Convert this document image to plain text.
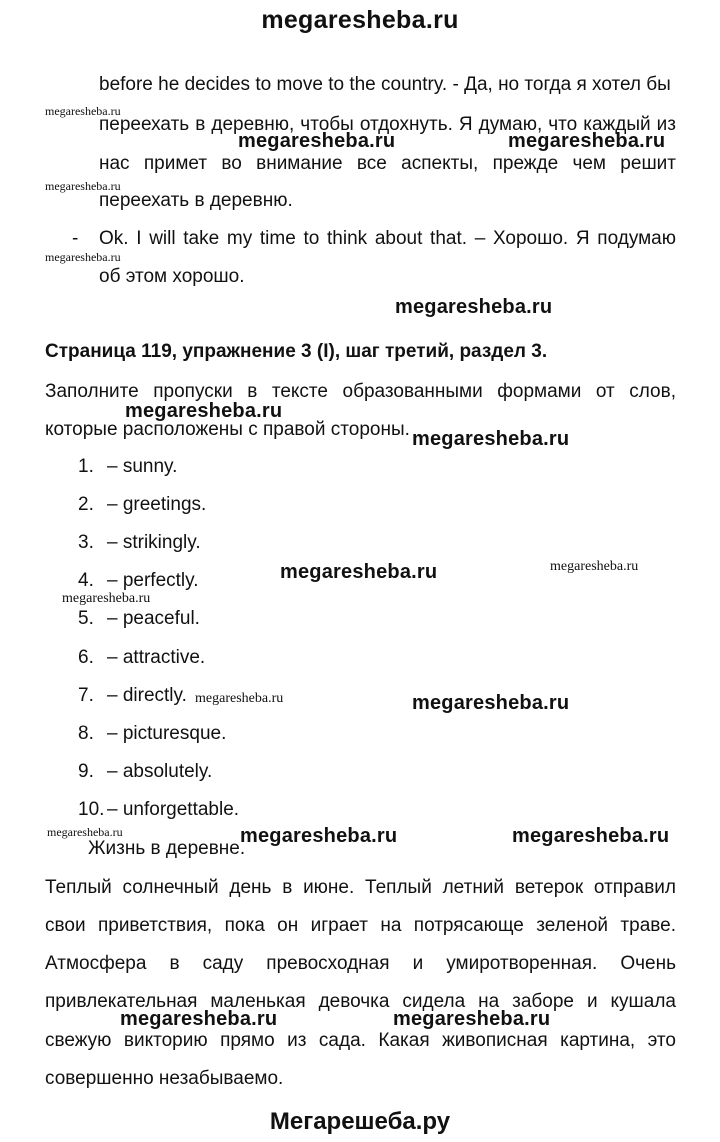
megaresheba.ru
before he decides to move to the country. - Да, но тогда я хотел бы
переехать в деревню, чтобы отдохнуть. Я думаю, что каждый из
нас примет во внимание все аспекты, прежде чем решит
переехать в деревню.
- Ok. I will take my time to think about that. – Хорошо. Я подумаю
об этом хорошо.
Страница 119, упражнение 3 (I), шаг третий, раздел 3.
Заполните пропуски в тексте образованными формами от слов,
которые расположены с правой стороны.
1. – sunny.
2. – greetings.
3. – strikingly.
4. – perfectly.
5. – peaceful.
6. – attractive.
7. – directly.
8. – picturesque.
9. – absolutely.
10. – unforgettable.
Жизнь в деревне.
Теплый солнечный день в июне. Теплый летний ветерок отправил
свои приветствия, пока он играет на потрясающе зеленой траве.
Атмосфера в саду превосходная и умиротворенная. Очень
привлекательная маленькая девочка сидела на заборе и кушала
свежую викторию прямо из сада. Какая живописная картина, это
совершенно незабываемо.
megaresheba.ru
megaresheba.ru	megaresheba.ru
megaresheba.ru
megaresheba.ru
megaresheba.ru
megaresheba.ru
megaresheba.ru
megaresheba.ru	megaresheba.ru
megaresheba.ru
megaresheba.ru	megaresheba.ru
megaresheba.ru	megaresheba.ru	megaresheba.ru
megaresheba.ru	megaresheba.ru
Мегарешеба.ру
